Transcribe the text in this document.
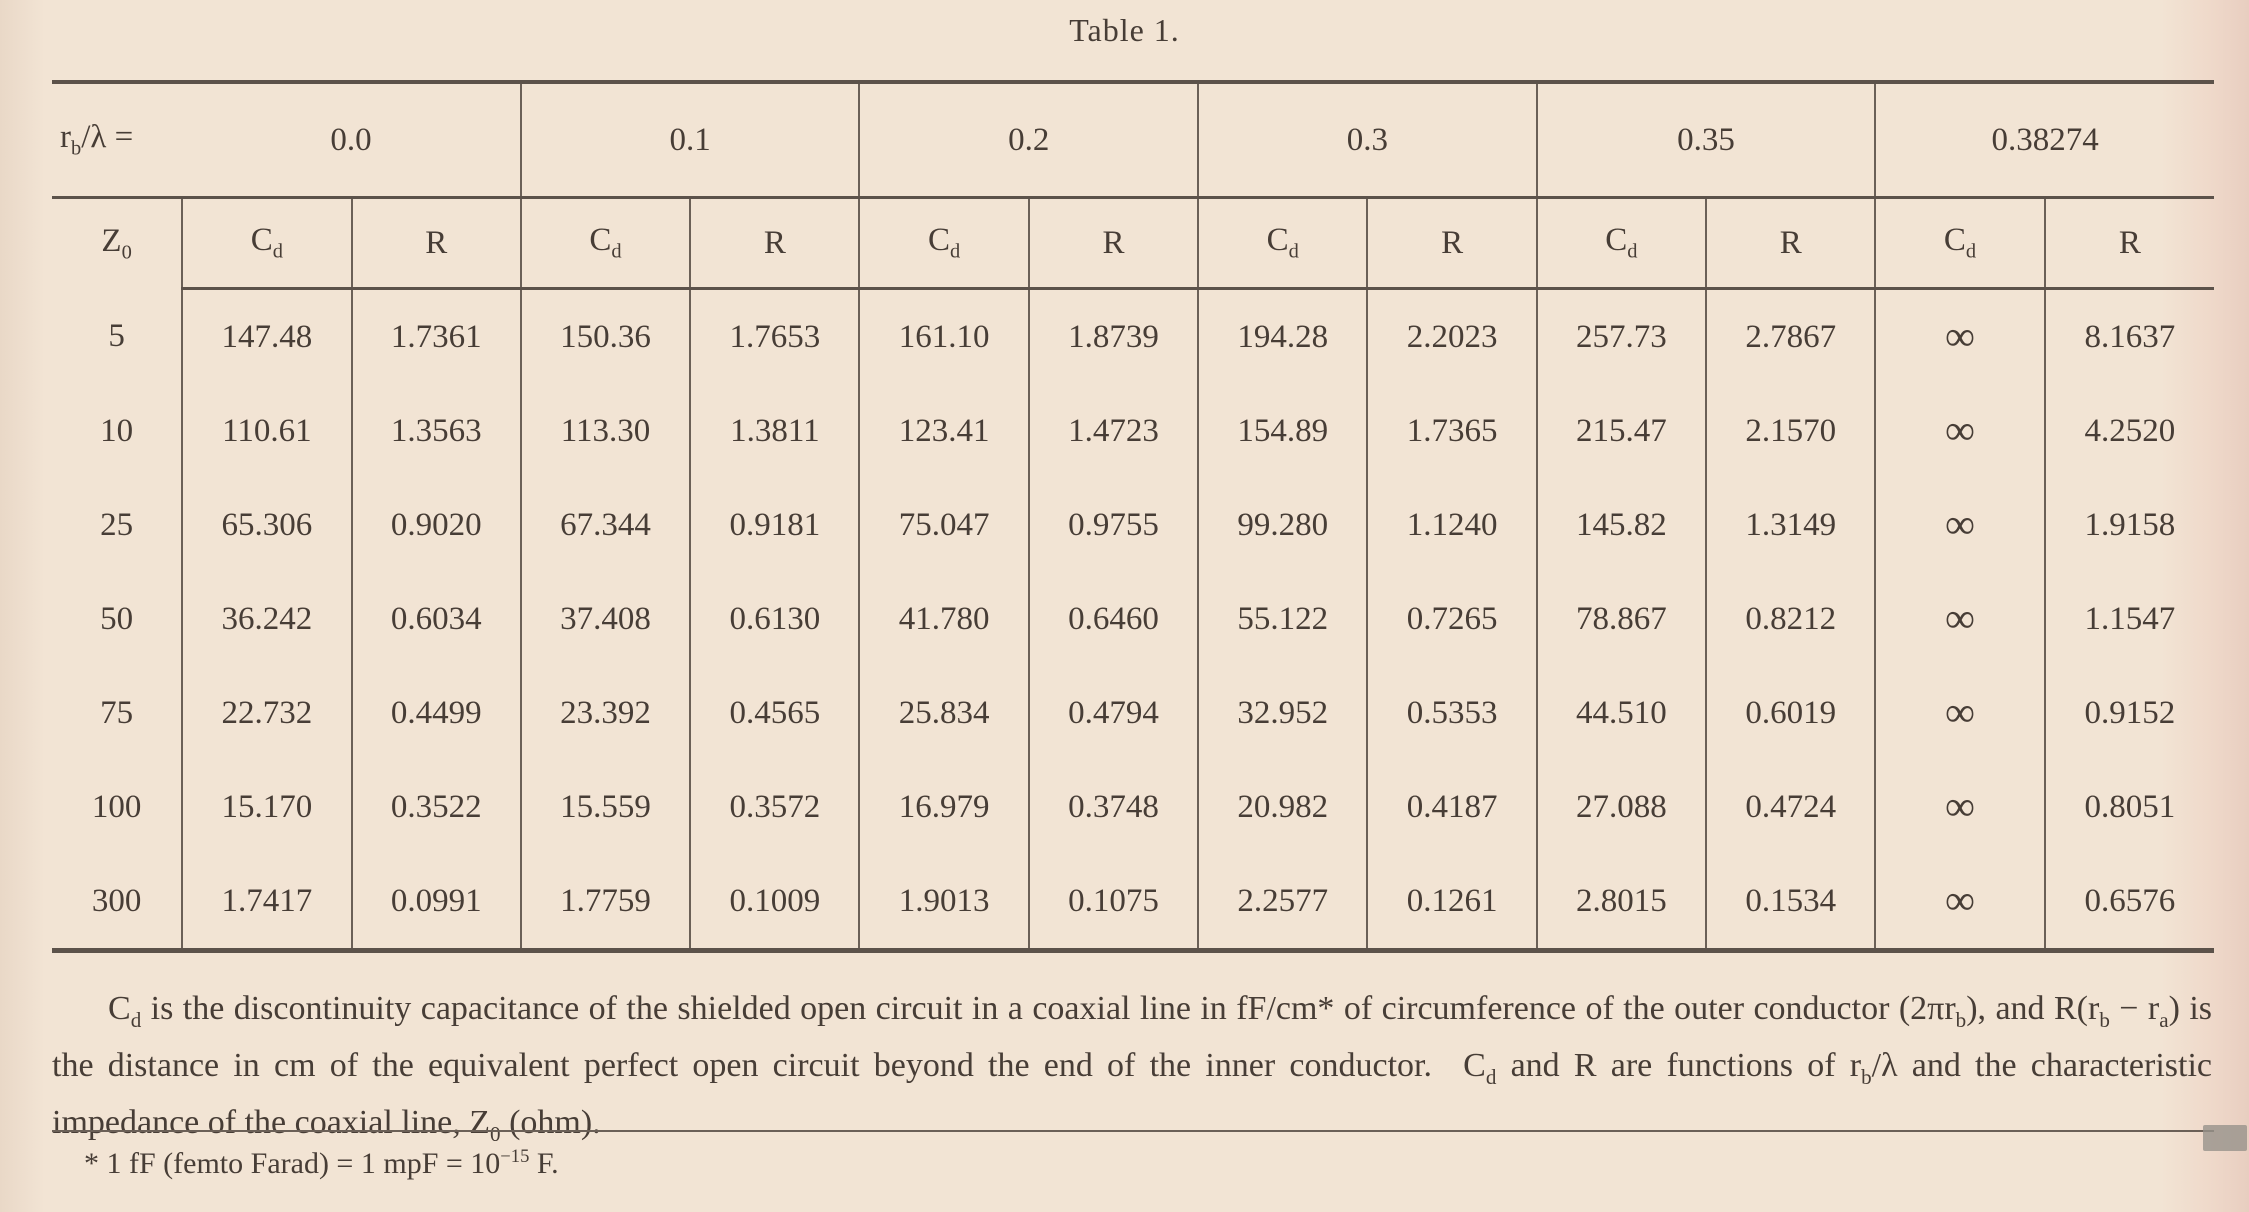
Table 1.
$r_b/\lambda$ =	0.0		0.1		0.2		0.3		0.35		0.38274	
$Z_0$	$C_d$	R	$C_d$	R	$C_d$	R	$C_d$	R	$C_d$	R	$C_d$	R
5	147.48	1.7361	150.36	1.7653	161.10	1.8739	194.28	2.2023	257.73	2.7867	∞	8.1637
10	110.61	1.3563	113.30	1.3811	123.41	1.4723	154.89	1.7365	215.47	2.1570	∞	4.2520
25	65.306	0.9020	67.344	0.9181	75.047	0.9755	99.280	1.1240	145.82	1.3149	∞	1.9158
50	36.242	0.6034	37.408	0.6130	41.780	0.6460	55.122	0.7265	78.867	0.8212	∞	1.1547
75	22.732	0.4499	23.392	0.4565	25.834	0.4794	32.952	0.5353	44.510	0.6019	∞	0.9152
100	15.170	0.3522	15.559	0.3572	16.979	0.3748	20.982	0.4187	27.088	0.4724	∞	0.8051
300	1.7417	0.0991	1.7759	0.1009	1.9013	0.1075	2.2577	0.1261	2.8015	0.1534	∞	0.6576
$C_d$ is the discontinuity capacitance of the shielded open circuit in a coaxial line in fF/cm* of circumference of the outer conductor $(2\pi r_b)$, and $R(r_b - r_a)$ is the distance in cm of the equivalent perfect open circuit beyond the end of the inner conductor.  $C_d$ and R are functions of $r_b/\lambda$ and the characteristic impedance of the coaxial line, $Z_0$ (ohm).
* 1 fF (femto Farad) = 1 mpF = $10^{-15}$ F.
